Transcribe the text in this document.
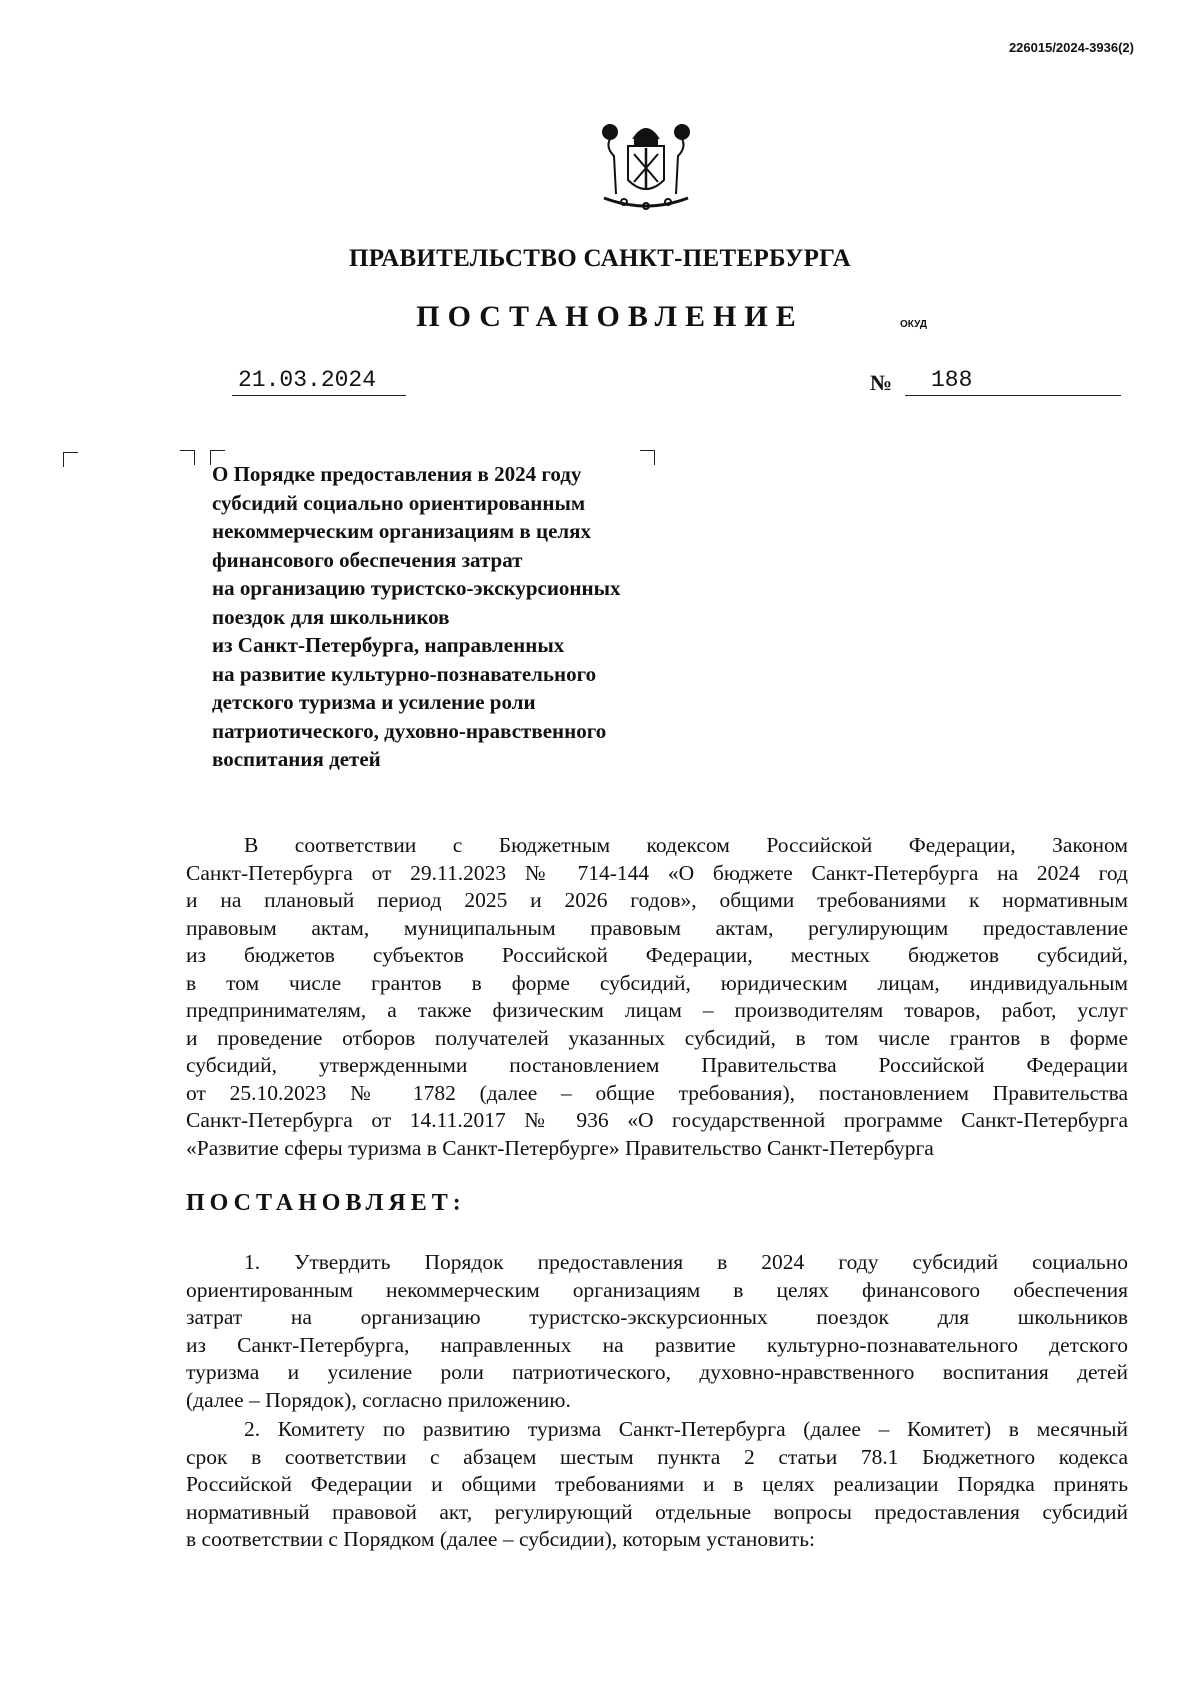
226015/2024-3936(2)
ПРАВИТЕЛЬСТВО САНКТ-ПЕТЕРБУРГА
ПОСТАНОВЛЕНИЕ	ОКУД
21.03.2024	№	188
О Порядке предоставления в 2024 году
субсидий социально ориентированным
некоммерческим организациям в целях
финансового обеспечения затрат
на организацию туристско-экскурсионных
поездок для школьников
из Санкт-Петербурга, направленных
на развитие культурно-познавательного
детского туризма и усиление роли
патриотического, духовно-нравственного
воспитания детей
В соответствии с Бюджетным кодексом Российской Федерации, Законом
Санкт-Петербурга от 29.11.2023 № 714-144 «О бюджете Санкт-Петербурга на 2024 год
и на плановый период 2025 и 2026 годов», общими требованиями к нормативным
правовым актам, муниципальным правовым актам, регулирующим предоставление
из бюджетов субъектов Российской Федерации, местных бюджетов субсидий,
в том числе грантов в форме субсидий, юридическим лицам, индивидуальным
предпринимателям, а также физическим лицам – производителям товаров, работ, услуг
и проведение отборов получателей указанных субсидий, в том числе грантов в форме
субсидий, утвержденными постановлением Правительства Российской Федерации
от 25.10.2023 № 1782 (далее – общие требования), постановлением Правительства
Санкт-Петербурга от 14.11.2017 № 936 «О государственной программе Санкт-Петербурга
«Развитие сферы туризма в Санкт-Петербурге» Правительство Санкт-Петербурга
ПОСТАНОВЛЯЕТ:
1. Утвердить Порядок предоставления в 2024 году субсидий социально
ориентированным некоммерческим организациям в целях финансового обеспечения
затрат на организацию туристско-экскурсионных поездок для школьников
из Санкт-Петербурга, направленных на развитие культурно-познавательного детского
туризма и усиление роли патриотического, духовно-нравственного воспитания детей
(далее – Порядок), согласно приложению.
2. Комитету по развитию туризма Санкт-Петербурга (далее – Комитет) в месячный
срок в соответствии с абзацем шестым пункта 2 статьи 78.1 Бюджетного кодекса
Российской Федерации и общими требованиями и в целях реализации Порядка принять
нормативный правовой акт, регулирующий отдельные вопросы предоставления субсидий
в соответствии с Порядком (далее – субсидии), которым установить:
